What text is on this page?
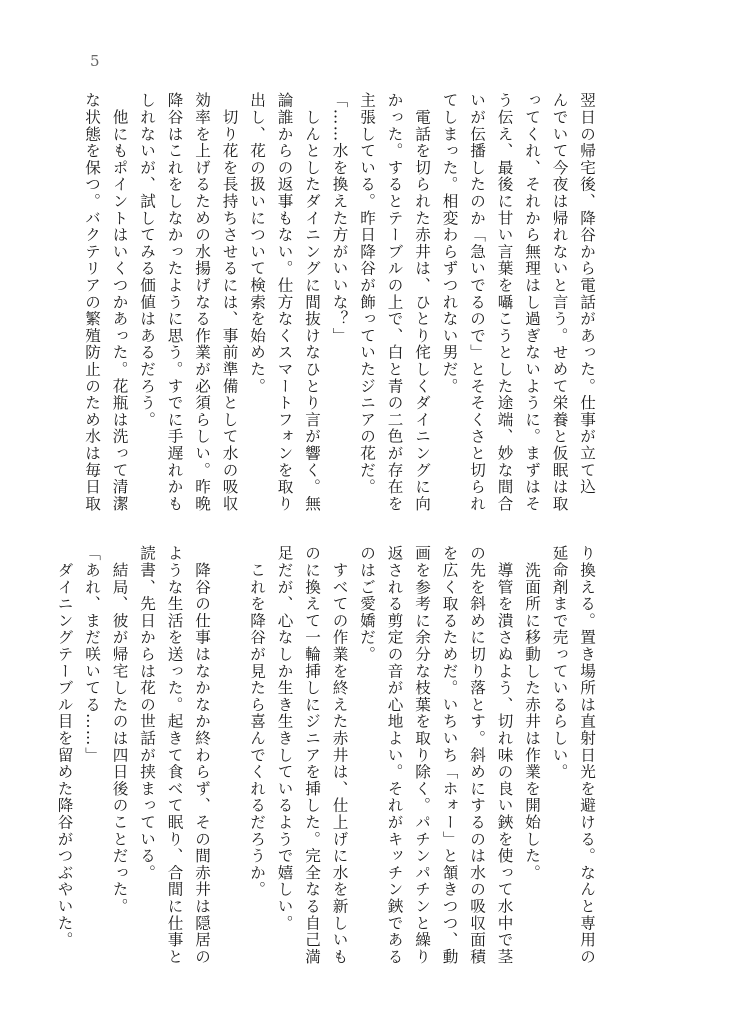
5
翌日の帰宅後、降谷から電話があった。仕事が立て込
んでいて今夜は帰れないと言う。せめて栄養と仮眠は取
ってくれ、それから無理はし過ぎないように。まずはそ
う伝え、最後に甘い言葉を囁こうとした途端、妙な間合
いが伝播したのか「急いでるので」とそそくさと切られ
てしまった。相変わらずつれない男だ。
　電話を切られた赤井は、ひとり侘しくダイニングに向
かった。するとテーブルの上で、白と青の二色が存在を
主張している。昨日降谷が飾っていたジニアの花だ。
「……水を換えた方がいいな？」
　しんとしたダイニングに間抜けなひとり言が響く。無
論誰からの返事もない。仕方なくスマートフォンを取り
出し、花の扱いについて検索を始めた。
　切り花を長持ちさせるには、事前準備として水の吸収
効率を上げるための水揚げなる作業が必須らしい。昨晩
降谷はこれをしなかったように思う。すでに手遅れかも
しれないが、試してみる価値はあるだろう。
　他にもポイントはいくつかあった。花瓶は洗って清潔
な状態を保つ。バクテリアの繁殖防止のため水は毎日取
り換える。置き場所は直射日光を避ける。なんと専用の
延命剤まで売っているらしい。
　洗面所に移動した赤井は作業を開始した。
　導管を潰さぬよう、切れ味の良い鋏を使って水中で茎
の先を斜めに切り落とす。斜めにするのは水の吸収面積
を広く取るためだ。いちいち「ホォー」と頷きつつ、動
画を参考に余分な枝葉を取り除く。パチンパチンと繰り
返される剪定の音が心地よい。それがキッチン鋏である
のはご愛嬌だ。
　すべての作業を終えた赤井は、仕上げに水を新しいも
のに換えて一輪挿しにジニアを挿した。完全なる自己満
足だが、心なしか生き生きしているようで嬉しい。
　これを降谷が見たら喜んでくれるだろうか。

　降谷の仕事はなかなか終わらず、その間赤井は隠居の
ような生活を送った。起きて食べて眠り、合間に仕事と
読書、先日からは花の世話が挟まっている。
　結局、彼が帰宅したのは四日後のことだった。
「あれ、まだ咲いてる……」
　ダイニングテーブル目を留めた降谷がつぶやいた。
